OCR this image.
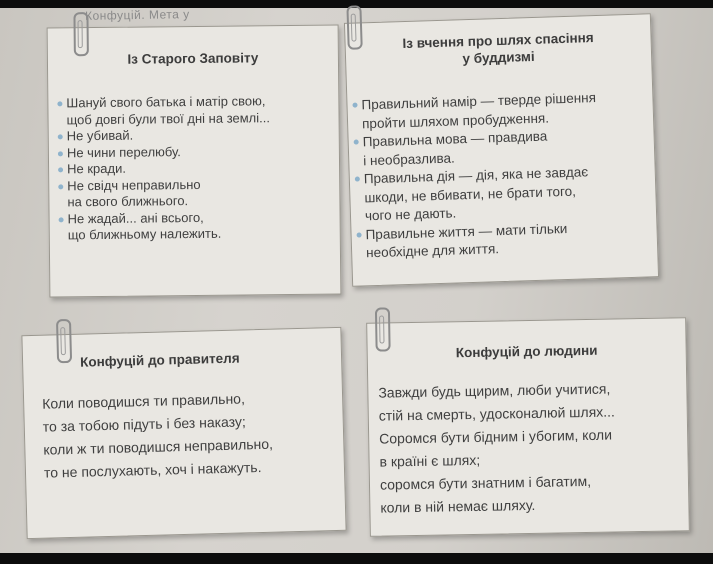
Конфуцій. Мета у
Із Старого Заповіту
Шануй свого батька і матір свою,
щоб довгі були твої дні на землі...
Не убивай.
Не чини перелюбу.
Не кради.
Не свідч неправильно
на свого ближнього.
Не жадай... ані всього,
що ближньому належить.
Із вчення про шлях спасіння
у буддизмі
Правильний намір — тверде рішення
пройти шляхом пробудження.
Правильна мова — правдива
і необразлива.
Правильна дія — дія, яка не завдає
шкоди, не вбивати, не брати того,
чого не дають.
Правильне життя — мати тільки
необхідне для життя.
Конфуцій до правителя

Коли поводишся ти правильно,
то за тобою підуть і без наказу;
коли ж ти поводишся неправильно,
то не послухають, хоч і накажуть.

Конфуцій до людини

Завжди будь щирим, люби учитися,
стій на смерть, удосконалюй шлях...
Соромся бути бідним і убогим, коли
в країні є шлях;
соромся бути знатним і багатим,
коли в ній немає шляху.
